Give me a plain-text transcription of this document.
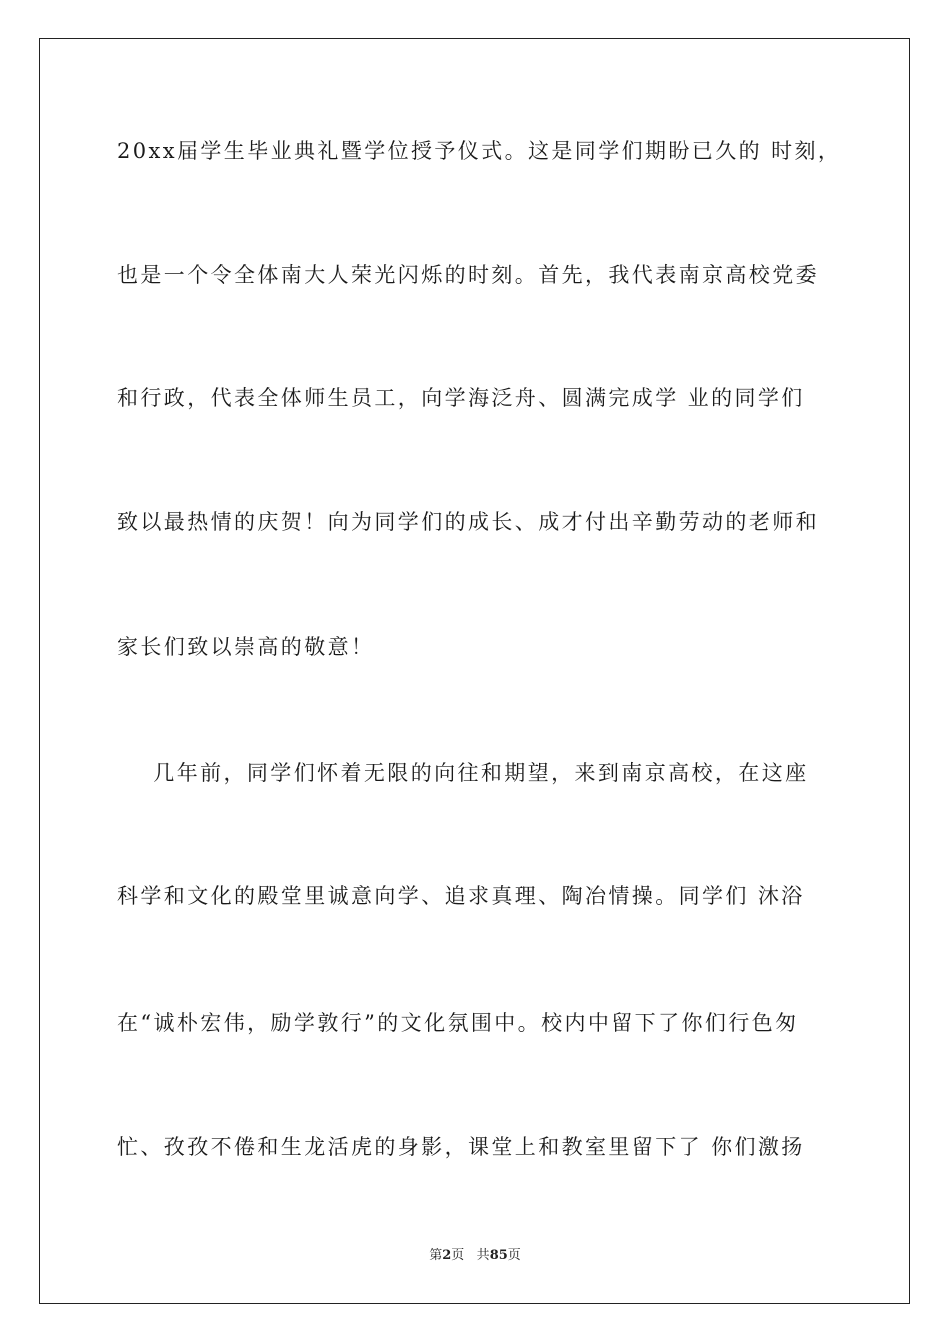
20xx届学生毕业典礼暨学位授予仪式。这是同学们期盼已久的 时刻，
也是一个令全体南大人荣光闪烁的时刻。首先，我代表南京高校党委
和行政，代表全体师生员工，向学海泛舟、圆满完成学 业的同学们
致以最热情的庆贺！向为同学们的成长、成才付出辛勤劳动的老师和
家长们致以崇高的敬意！
几年前，同学们怀着无限的向往和期望，来到南京高校，在这座
科学和文化的殿堂里诚意向学、追求真理、陶冶情操。同学们 沐浴
在“诚朴宏伟，励学敦行”的文化氛围中。校内中留下了你们行色匆
忙、孜孜不倦和生龙活虎的身影，课堂上和教室里留下了 你们激扬
第2页 共85页
